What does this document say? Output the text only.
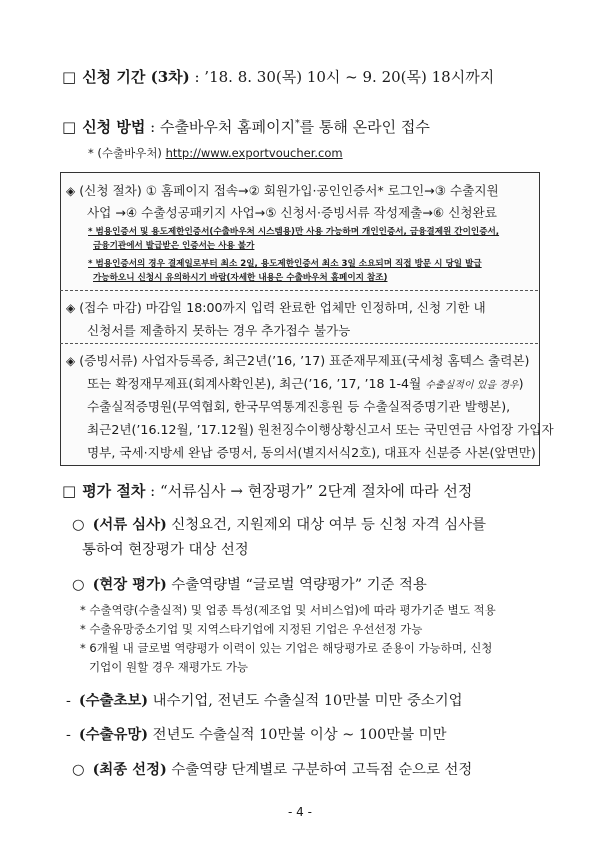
□ 신청 기간 (3차) : ’18. 8. 30(목) 10시 ~ 9. 20(목) 18시까지
□ 신청 방법 : 수출바우처 홈페이지*를 통해 온라인 접수
* (수출바우처) http://www.exportvoucher.com
◈ (신청 절차) ① 홈페이지 접속→② 회원가입·공인인증서* 로그인→③ 수출지원
사업 →④ 수출성공패키지 사업→⑤ 신청서·증빙서류 작성제출→⑥ 신청완료
* 범용인증서 및 용도제한인증서(수출바우처 시스템용)만 사용 가능하며 개인인증서, 금융결제원 간이인증서,
금융기관에서 발급받은 인증서는 사용 불가
* 범용인증서의 경우 결제일로부터 최소 2일, 용도제한인증서 최소 3일 소요되며 직접 방문 시 당일 발급
가능하오니 신청시 유의하시기 바람(자세한 내용은 수출바우처 홈페이지 참조)
◈ (접수 마감) 마감일 18:00까지 입력 완료한 업체만 인정하며, 신청 기한 내
신청서를 제출하지 못하는 경우 추가접수 불가능
◈ (증빙서류) 사업자등록증, 최근2년(’16, ’17) 표준재무제표(국세청 홈텍스 출력본)
또는 확정재무제표(회계사확인본), 최근(’16, ’17, ’18 1-4월 수출실적이 있을 경우)
수출실적증명원(무역협회, 한국무역통계진흥원 등 수출실적증명기관 발행본),
최근2년(’16.12월, ’17.12월) 원천징수이행상황신고서 또는 국민연금 사업장 가입자
명부, 국세·지방세 완납 증명서, 동의서(별지서식2호), 대표자 신분증 사본(앞면만)
□ 평가 절차 : “서류심사 → 현장평가” 2단계 절차에 따라 선정
○ (서류 심사) 신청요건, 지원제외 대상 여부 등 신청 자격 심사를
통하여 현장평가 대상 선정
○ (현장 평가) 수출역량별 “글로벌 역량평가” 기준 적용
* 수출역량(수출실적) 및 업종 특성(제조업 및 서비스업)에 따라 평가기준 별도 적용
* 수출유망중소기업 및 지역스타기업에 지정된 기업은 우선선정 가능
* 6개월 내 글로벌 역량평가 이력이 있는 기업은 해당평가로 준용이 가능하며, 신청
기업이 원할 경우 재평가도 가능
- (수출초보) 내수기업, 전년도 수출실적 10만불 미만 중소기업
- (수출유망) 전년도 수출실적 10만불 이상 ~ 100만불 미만
○ (최종 선정) 수출역량 단계별로 구분하여 고득점 순으로 선정
- 4 -
